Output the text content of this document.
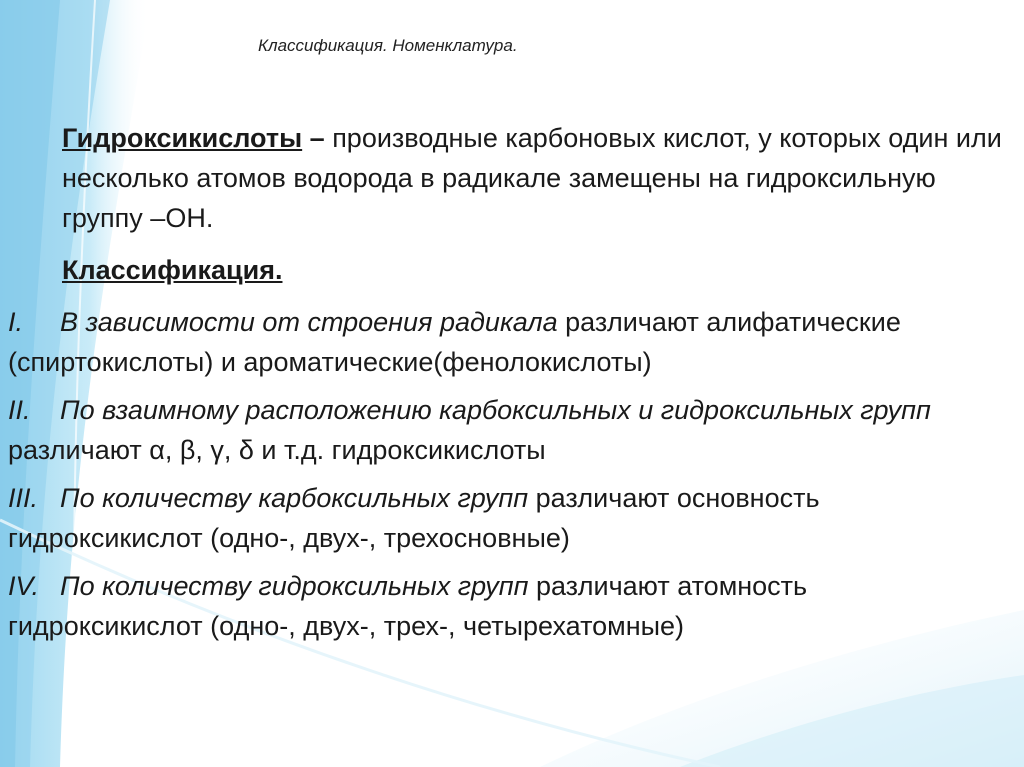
Классификация. Номенклатура.

Гидроксикислоты – производные карбоновых кислот, у которых один или несколько атомов водорода в радикале замещены на гидроксильную группу –ОН.

Классификация.

I. В зависимости от строения радикала различают алифатические (спиртокислоты) и ароматические(фенолокислоты)

II. По взаимному расположению карбоксильных и гидроксильных групп различают α, β, γ, δ и т.д. гидроксикислоты

III. По количеству карбоксильных групп различают основность гидроксикислот (одно-, двух-, трехосновные)

IV. По количеству гидроксильных групп различают атомность гидроксикислот (одно-, двух-, трех-, четырехатомные)
